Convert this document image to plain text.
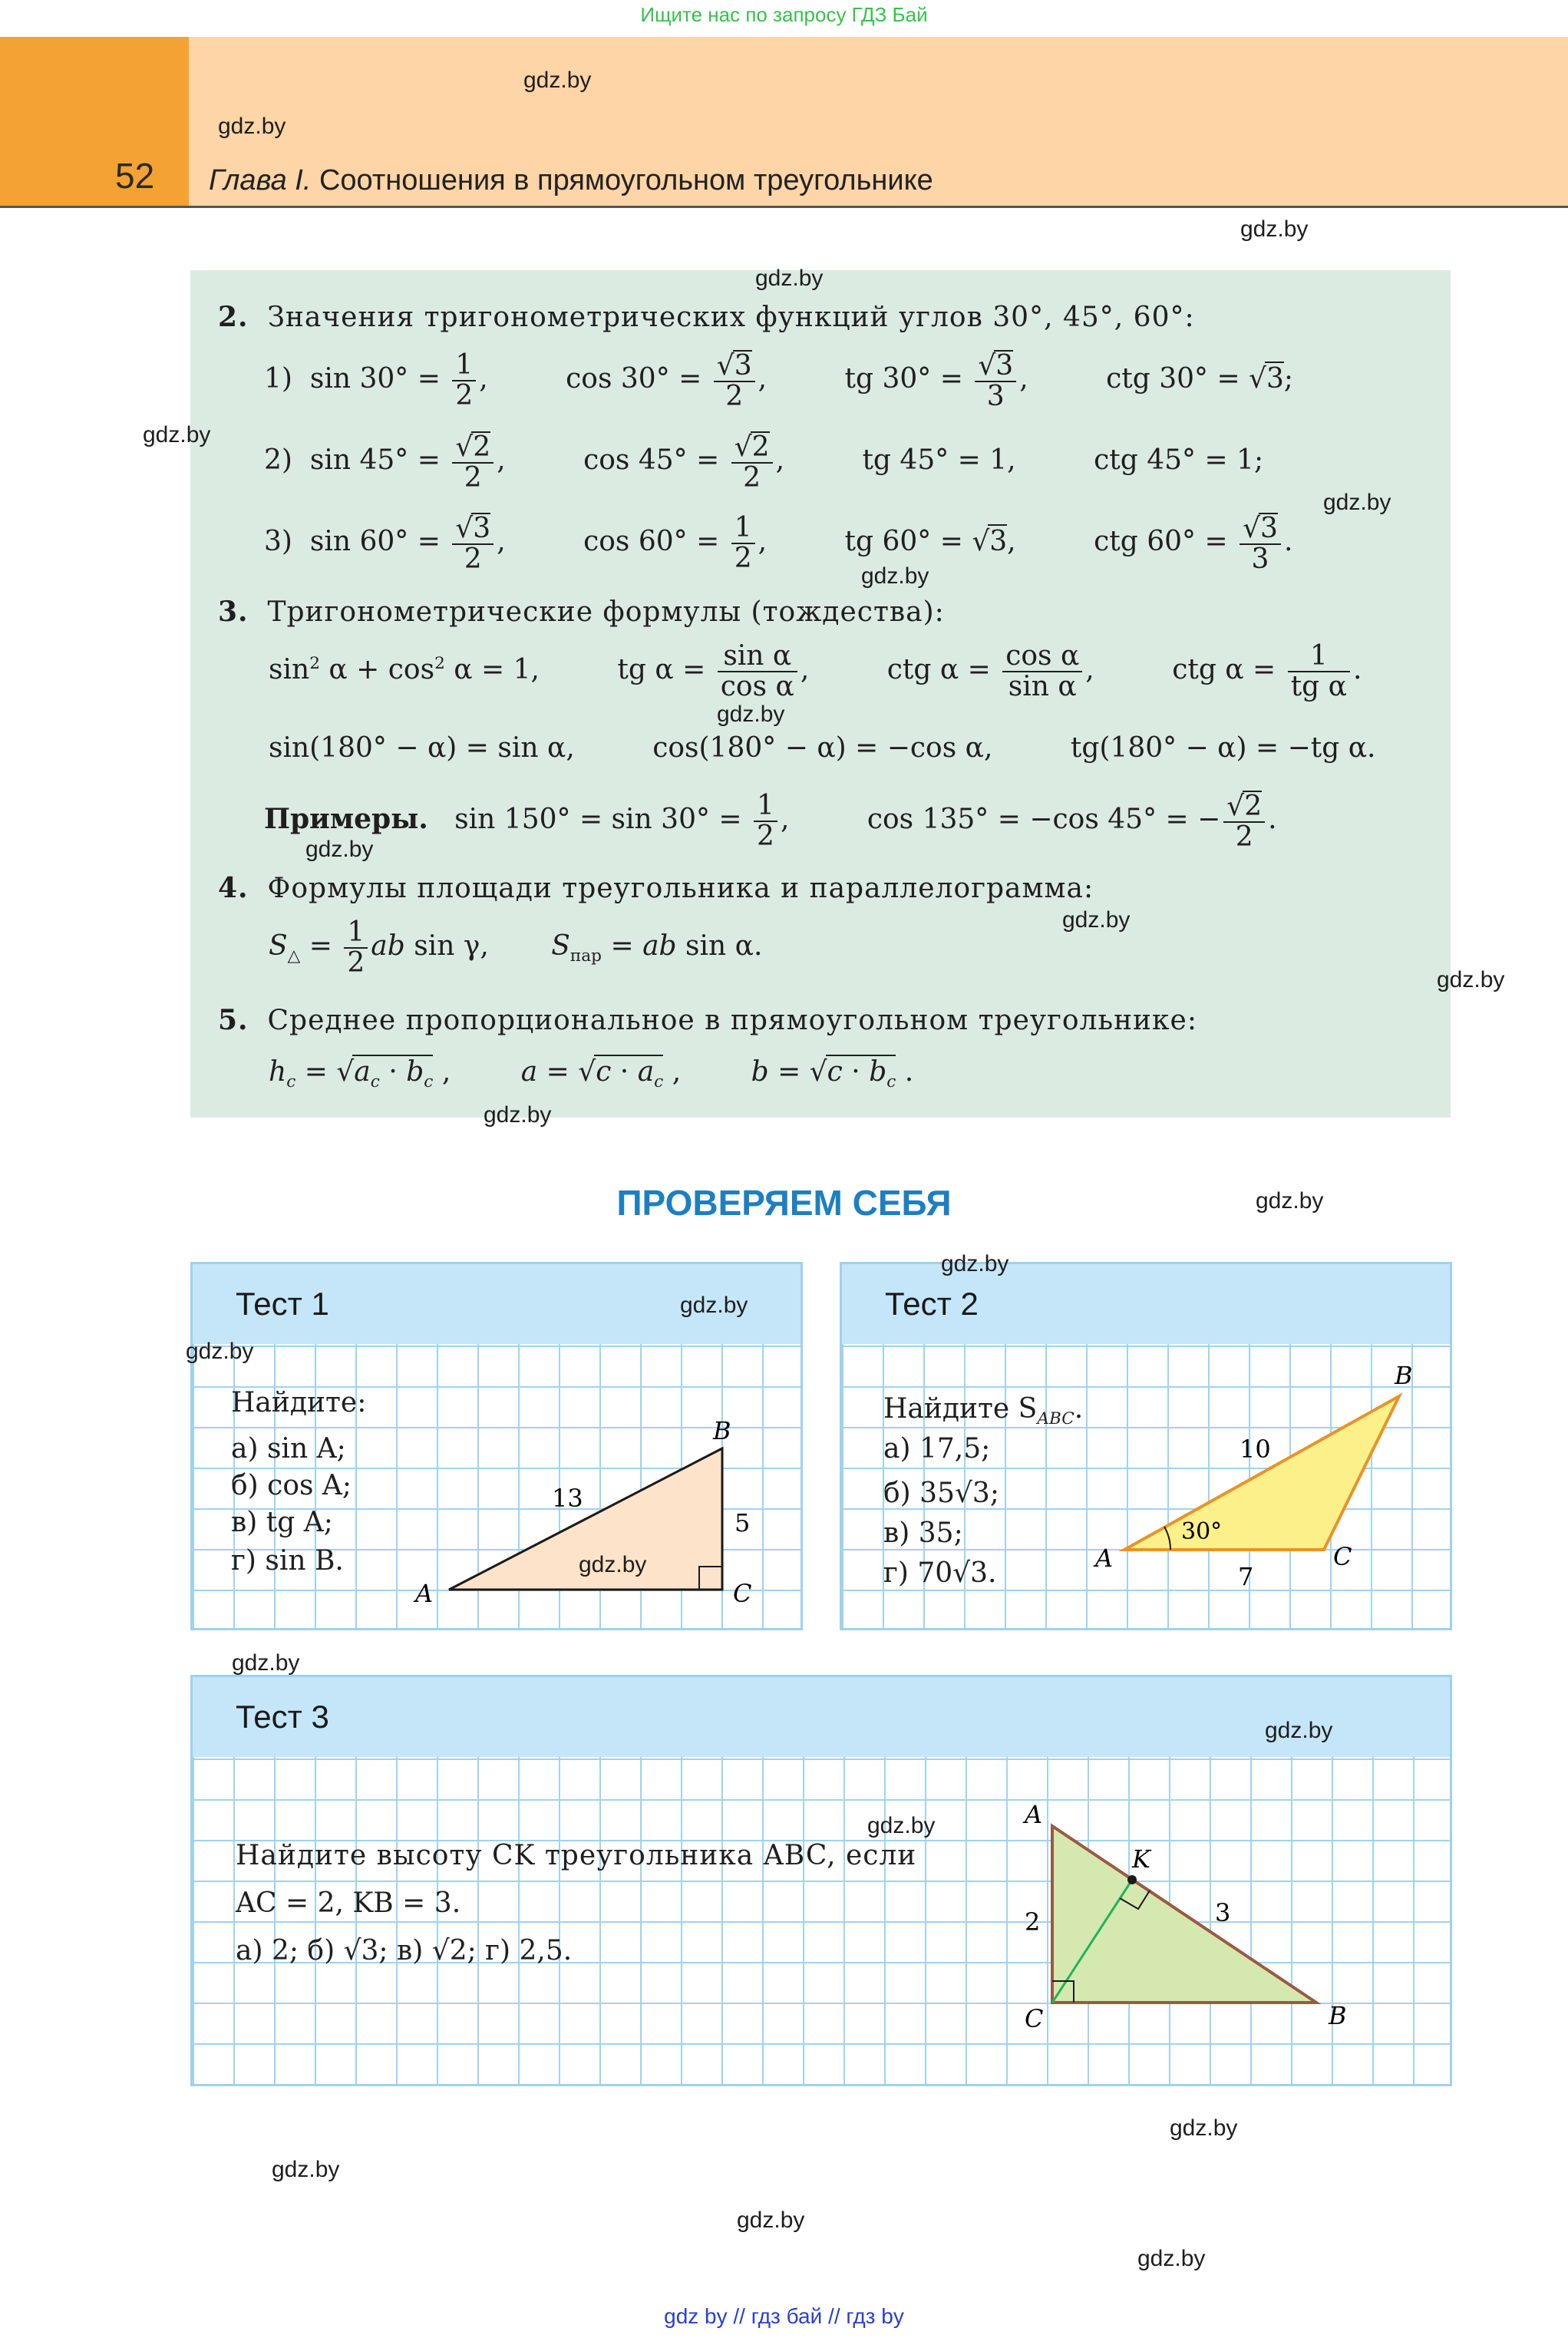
Ищите нас по запросу ГДЗ Бай
52 Глава I. Соотношения в прямоугольном треугольнике
2. Значения тригонометрических функций углов 30°, 45°, 60°:
1)  $\sin 30^\circ = \frac{1}{2}$ ,	$\cos 30^\circ = \frac{√3}{2}$ ,	tg $30^\circ = \frac{√3}{3}$ ,	ctg 30° = √3;
2)  $\sin 45^\circ = \frac{√2}{2}$ ,	$\cos 45^\circ = \frac{√2}{2}$ ,	tg 45° = 1,	ctg 45° = 1;
3)  $\sin 60^\circ = \frac{√3}{2}$ ,	$\cos 60^\circ = \frac{1}{2}$ ,	tg 60° = √3,	ctg $60^\circ = \frac{√3}{3}$ .
3. Тригонометрические формулы (тождества):
$\sin^2 \alpha + \cos^2 \alpha = 1$,	tg $\alpha = \frac{\text{sin α}}{\text{cos α}}$ ,	ctg $\alpha = \frac{\text{cos α}}{\text{sin α}}$ ,	ctg $\alpha = \frac{1}{\text{tg α}}$ .
sin(180° − α) = sin α,	cos(180° − α) = −cos α,	tg(180° − α) = −tg α.
Примеры.   $\sin 150^\circ = \sin 30^\circ = \frac{1}{2}$ ,	cos 135° = −cos 45° = − $\frac{√2}{2}$ .
4. Формулы площади треугольника и параллелограмма:
$S_\triangle = \frac{1}{2}$ ab sin γ, $S_{пар}$ = ab sin α.
5. Среднее пропорциональное в прямоугольном треугольнике:
$h_c = √a_c \cdot b_c$ , $a = √c \cdot a_c$ ,	$b = √c \cdot b_c$ .
ПРОВЕРЯЕМ СЕБЯ
Тест 1
Найдите:
а) sin A;
б) cos A;
в) tg A;
г) sin B.
A
B
C
13
5
Тест 2
Найдите $S_{ABC}$.
а) 17,5;
б) 35√3;
в) 35;
г) 70√3.	A
B
C
10
7
30°
Тест 3
Найдите высоту CK треугольника ABC, если
AC = 2, KB = 3.
а) 2; б) √3; в) √2; г) 2,5.
A
C	B
K
2	3
gdz.by
gdz.by
gdz.by
gdz.by
gdz.by
gdz.by
gdz.by
gdz.by
gdz.by
gdz.by
gdz.by
gdz.by
gdz.by
gdz.by
gdz.by
gdz.by
gdz.by
gdz.by
gdz.by
gdz.by
gdz.by
gdz.by
gdz.by
gdz.by
gdz by // гдз бай // гдз by
